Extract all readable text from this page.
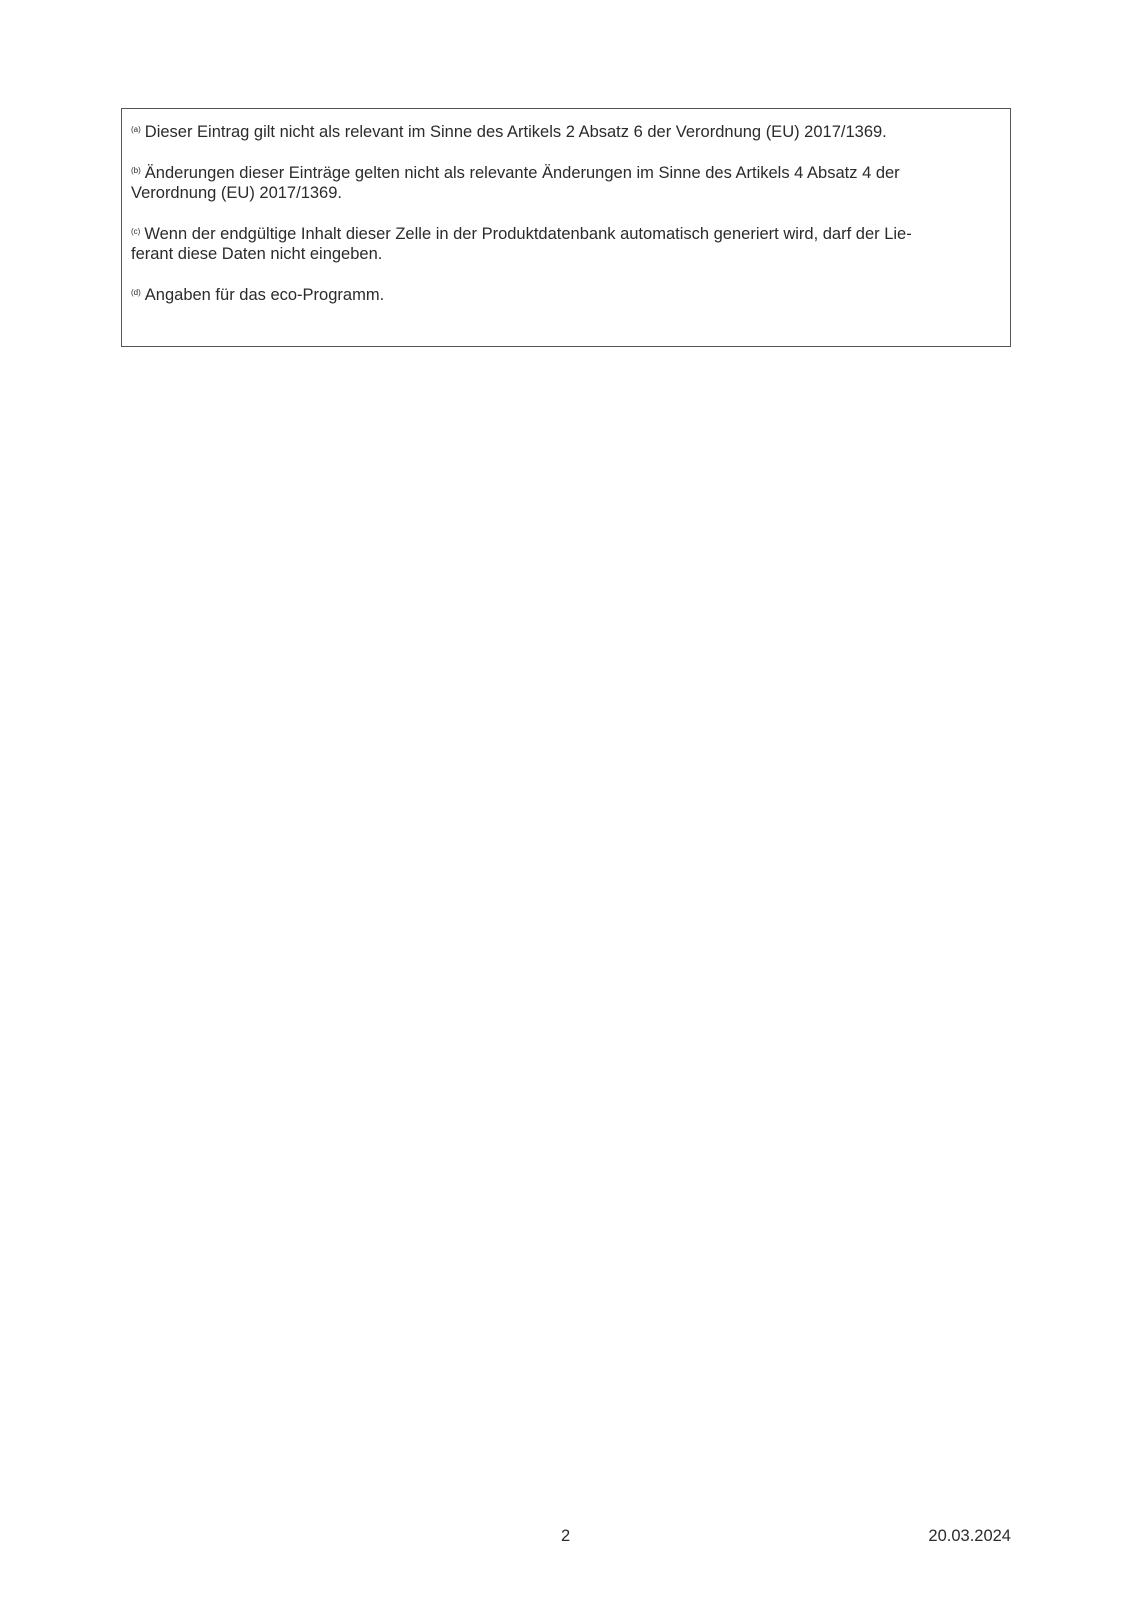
$^{(a)}$ Dieser Eintrag gilt nicht als relevant im Sinne des Artikels 2 Absatz 6 der Verordnung (EU) 2017/1369.

$^{(b)}$ Änderungen dieser Einträge gelten nicht als relevante Änderungen im Sinne des Artikels 4 Absatz 4 der
Verordnung (EU) 2017/1369.

$^{(c)}$ Wenn der endgültige Inhalt dieser Zelle in der Produktdatenbank automatisch generiert wird, darf der Lie-
ferant diese Daten nicht eingeben.

$^{(d)}$ Angaben für das eco-Programm.

2	20.03.2024
